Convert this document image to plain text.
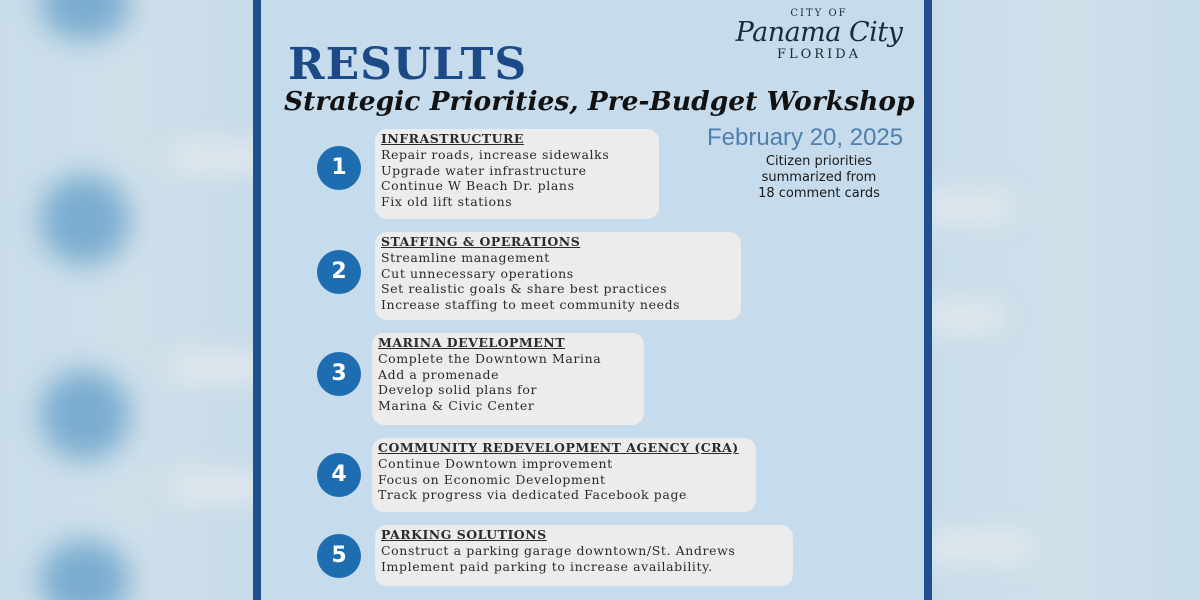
CITY OF
Panama City
FLORIDA
RESULTS
Strategic Priorities, Pre-Budget Workshop
February 20, 2025
Citizen priorities
summarized from
18 comment cards
1
INFRASTRUCTURE
Repair roads, increase sidewalks
Upgrade water infrastructure
Continue W Beach Dr. plans
Fix old lift stations
2
STAFFING & OPERATIONS
Streamline management
Cut unnecessary operations
Set realistic goals & share best practices
Increase staffing to meet community needs
3
MARINA DEVELOPMENT
Complete the Downtown Marina
Add a promenade
Develop solid plans for
Marina & Civic Center
4
COMMUNITY REDEVELOPMENT AGENCY (CRA)
Continue Downtown improvement
Focus on Economic Development
Track progress via dedicated Facebook page
5
PARKING SOLUTIONS
Construct a parking garage downtown/St. Andrews
Implement paid parking to increase availability.
